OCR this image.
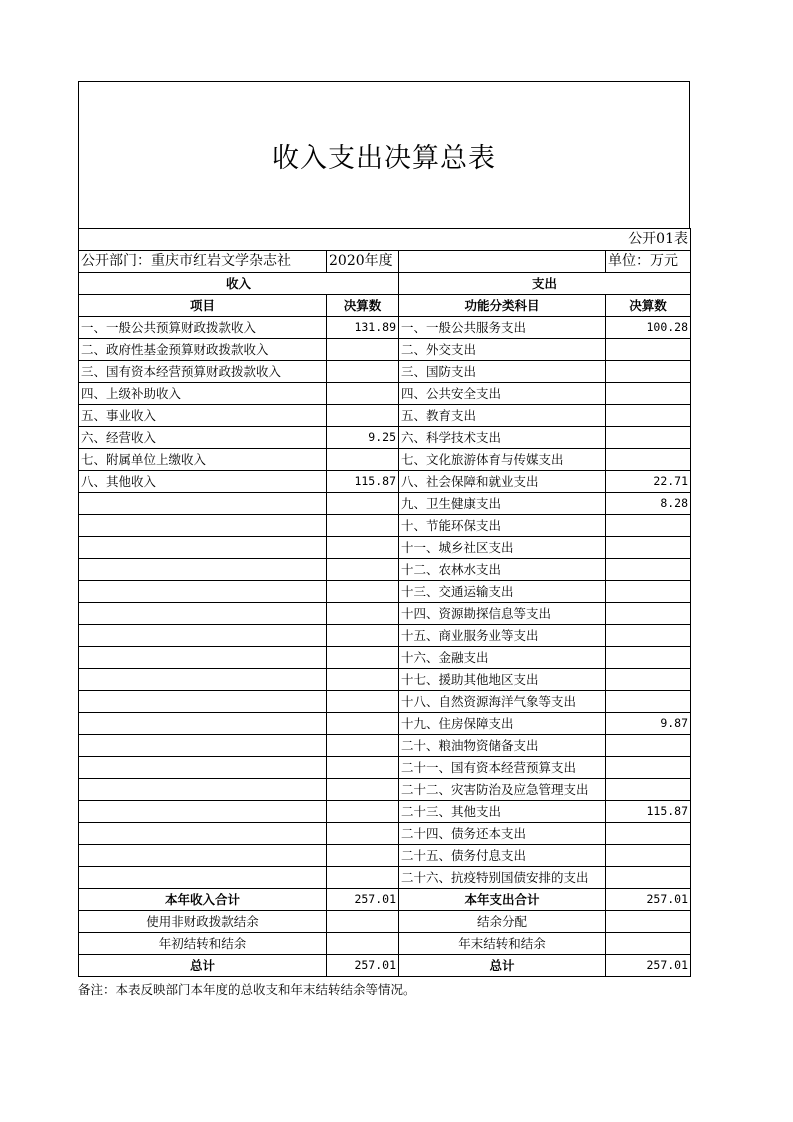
收入支出决算总表
公开01表			
公开部门：重庆市红岩文学杂志社	2020年度		单位：万元
收入		支出	
项目	决算数	功能分类科目	决算数
一、一般公共预算财政拨款收入	131.89	一、一般公共服务支出	100.28
二、政府性基金预算财政拨款收入		二、外交支出	
三、国有资本经营预算财政拨款收入		三、国防支出	
四、上级补助收入		四、公共安全支出	
五、事业收入		五、教育支出	
六、经营收入	9.25	六、科学技术支出	
七、附属单位上缴收入		七、文化旅游体育与传媒支出	
八、其他收入	115.87	八、社会保障和就业支出	22.71
		九、卫生健康支出	8.28
		十、节能环保支出	
		十一、城乡社区支出	
		十二、农林水支出	
		十三、交通运输支出	
		十四、资源勘探信息等支出	
		十五、商业服务业等支出	
		十六、金融支出	
		十七、援助其他地区支出	
		十八、自然资源海洋气象等支出	
		十九、住房保障支出	9.87
		二十、粮油物资储备支出	
		二十一、国有资本经营预算支出	
		二十二、灾害防治及应急管理支出	
		二十三、其他支出	115.87
		二十四、债务还本支出	
		二十五、债务付息支出	
		二十六、抗疫特别国债安排的支出	
本年收入合计	257.01	本年支出合计	257.01
使用非财政拨款结余		结余分配	
年初结转和结余		年末结转和结余	
总计	257.01	总计	257.01
备注：本表反映部门本年度的总收支和年末结转结余等情况。
